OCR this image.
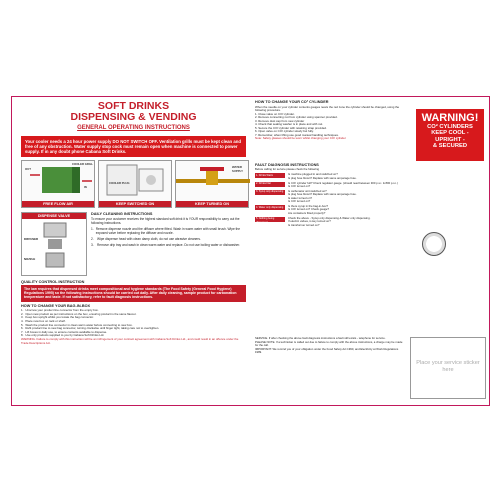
SOFT DRINKS
DISPENSING & VENDING
GENERAL OPERATING INSTRUCTIONS
Your cooler needs a 24 hour power supply DO NOT SWITCH OFF. Ventilation grills must be kept clean and free of any obstruction. Water supply stop cock must remain open when machine is connected to power supply. If in any doubt phone Cabana Soft Drinks.
OUT
IN
COOLER GRILL
FREE FLOW AIR
COOLER PLUG
KEEP SWITCHED ON
WATER SUPPLY
KEEP TURNED ON
DISPENSE VALVE
DIFFUSER
NOZZLE
DAILY CLEANING INSTRUCTIONS
To ensure your customer receives the highest standard soft drink it is YOUR responsibility to carry out the following instructions.
1. Remove dispense nozzle and the diffuser where fitted. Wash in warm water with small brush. Wipe the exposed valve before replacing the diffuser and nozzle.
2.	Wipe dispense head with clean damp cloth, do not use abrasive cleaners.
3.	Remove drip tray and wash in clean warm water and replace. Do not use boiling water or dishwasher.
QUALITY CONTROL INSTRUCTION
The law requires that dispensed drinks meet compositional and hygiene standards (The Food Safety (General Food Hygiene) Regulations 1995) so the following instructions should be carried out daily. After daily cleaning, sample product for carbonation temperature and taste. If not satisfactory, refer to fault diagnosis instructions.
HOW TO CHANGE YOUR BAG-IN-BOX
1. Unscrew your product line connector from the empty box.
2. Open new product as per instructions on the box, ensuring product is the same flavour.
3. Keep box upright whilst you locate the bag connector.
4. Place new box on rack or shelf.
5. Wash the product line connector in clean warm water before connecting to new box.
6. Refit product line to new bag connector, turning clockwise until finger tight, taking care not to overtighten.
7. Lift boxes in daily use, to ensure contents available to dispense.
8. Use only products supplied to you by Cabana Soft Drinks Ltd.
WARNING. Failure to comply with this instruction will be an infringement of your contract agreement with Cabana Soft Drinks Ltd., and could result in an offence under the Trade Descriptions Act.
HOW TO CHANGE YOUR CO² CYLINDER
When the needle on your cylinder contents gauges nears the red zone the cylinder should be changed, using the following procedure.
1. Close valve on CO² cylinder.
2. Remove connecting nut from cylinder using spanner provided.
3. Remove dust cap from new cylinder
4. Check that sealing washer is in place and with nut.
5. Secure the CO² cylinder with retaining strap provided.
6. Open valve on CO² cylinder slowly but fully.
7. Remember, when lifting use good manual handling techniques.
Note: Safety glasses should be worn whilst changing your CO² cylinder
WARNING!
CO² CYLINDERS
KEEP COOL -
UPRIGHT -
& SECURED
FAULT DIAGNOSIS INSTRUCTIONS
Before calling for service please check the following
1. Drinks Warm	Is machine plugged in and switched on?
Is plug fuse blown? Replace with same amperage fuse.
2. Drinks Flat	Is CO² cylinder full? Check regulator gauge. (should read between 300 p.s.i. & 800 p.s.i.)
Is CO² turned on?
3. Syrup only dispensing	Is carbonator unit switched on?
Is plug fuse blown? Replace with same amperage fuse.
Is water turned on?
Is CO² turned on?
4. Water only dispensing	Is there syrup in the bag-in-box?
Is CO² turned on? Check gauge?
Are containers fitted properly?
5. Nothing being dispensed
Check the above - Syrup only dispensing & Water only dispensing.
If electric valves, is key turned on?
Is transformer turned on?
SERVICE. If after checking the above fault diagnosis instructions a fault still exists - telephone for service.
PLEASE NOTE. If a technician is called out due to failure to comply with the above instructions, a charge may be made for the call.
IMPORTANT: We remind you of your obligation under the Food Safety Act 1990, and Electricity at Work Regulations 1989.
Place your service sticker here
